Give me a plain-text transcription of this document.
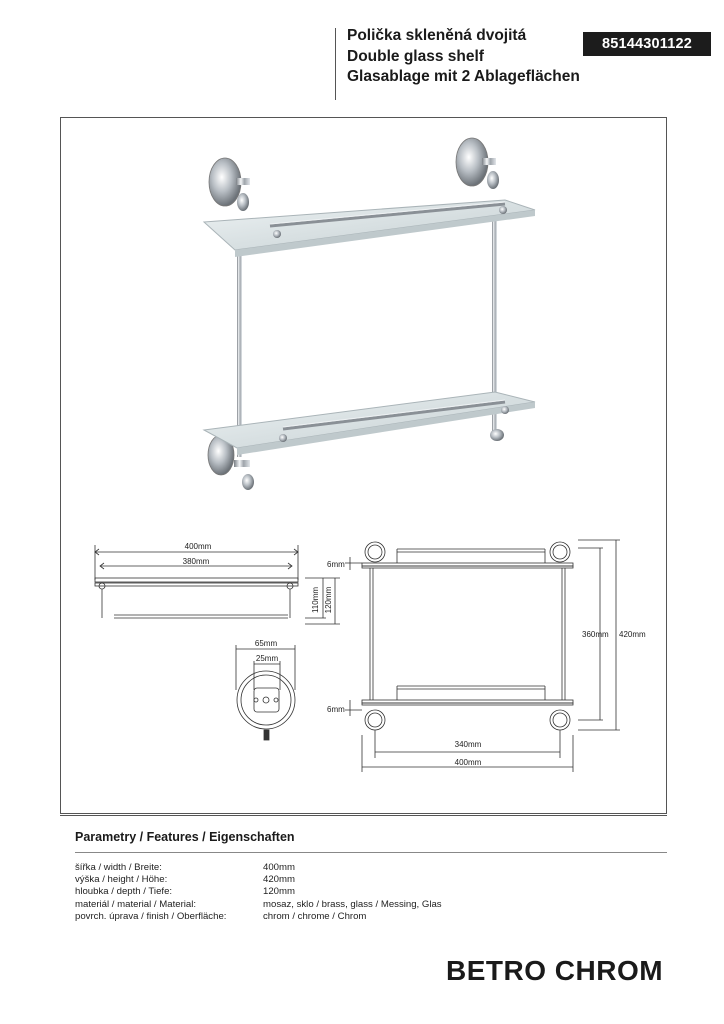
Polička skleněná dvojitá
Double glass shelf
Glasablage mit 2 Ablageflächen
85144301122
400mm
380mm
110mm 120mm
65mm
25mm
6mm
6mm
360mm 420mm
340mm
400mm
Parametry / Features / Eigenschaften
šířka / width / Breite:	400mm
výška / height / Höhe:	420mm
hloubka / depth / Tiefe:	120mm
materiál / material / Material:	mosaz, sklo / brass, glass / Messing, Glas
povrch. úprava / finish / Oberfläche:	chrom / chrome / Chrom
BETRO CHROM
